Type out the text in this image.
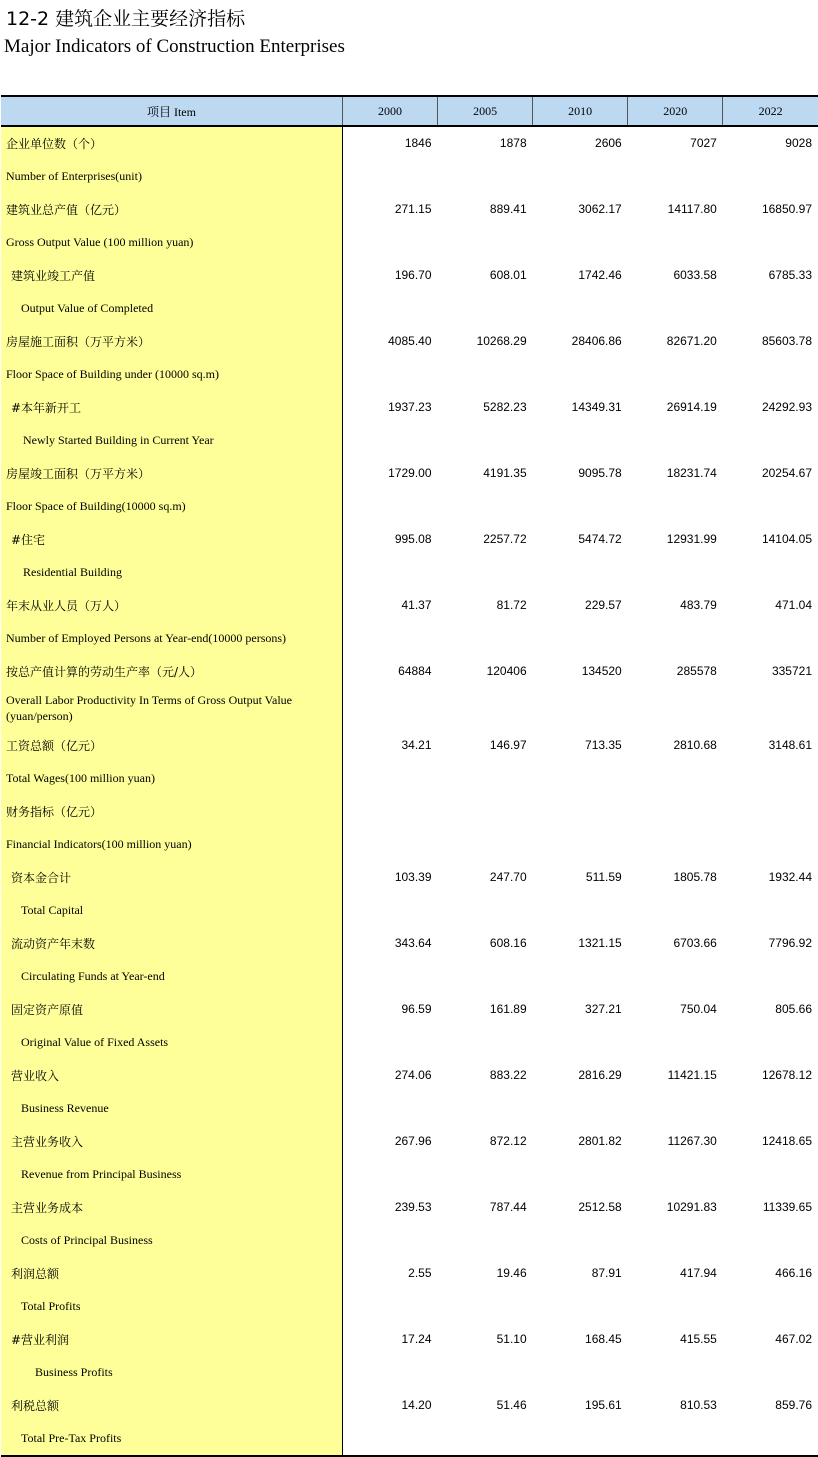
12-2 建筑企业主要经济指标
Major Indicators of Construction Enterprises
项目 Item	2000	2005	2010	2020	2022
企业单位数（个）	1846	1878	2606	7027	9028
Number of Enterprises(unit)					
建筑业总产值（亿元）	271.15	889.41	3062.17	14117.80	16850.97
Gross Output Value (100 million yuan)					
建筑业竣工产值	196.70	608.01	1742.46	6033.58	6785.33
Output Value of Completed					
房屋施工面积（万平方米）	4085.40	10268.29	28406.86	82671.20	85603.78
Floor Space of Building under (10000 sq.m)					
#本年新开工	1937.23	5282.23	14349.31	26914.19	24292.93
Newly Started Building in Current Year					
房屋竣工面积（万平方米）	1729.00	4191.35	9095.78	18231.74	20254.67
Floor Space of Building(10000 sq.m)					
#住宅	995.08	2257.72	5474.72	12931.99	14104.05
Residential Building					
年末从业人员（万人）	41.37	81.72	229.57	483.79	471.04
Number of Employed Persons at Year-end(10000 persons)					
按总产值计算的劳动生产率（元/人）	64884	120406	134520	285578	335721
Overall Labor Productivity In Terms of Gross Output Value (yuan/person)					
工资总额（亿元）	34.21	146.97	713.35	2810.68	3148.61
Total Wages(100 million yuan)					
财务指标（亿元）					
Financial Indicators(100 million yuan)					
资本金合计	103.39	247.70	511.59	1805.78	1932.44
Total Capital					
流动资产年末数	343.64	608.16	1321.15	6703.66	7796.92
Circulating Funds at Year-end					
固定资产原值	96.59	161.89	327.21	750.04	805.66
Original Value of Fixed Assets					
营业收入	274.06	883.22	2816.29	11421.15	12678.12
Business Revenue					
主营业务收入	267.96	872.12	2801.82	11267.30	12418.65
Revenue from Principal Business					
主营业务成本	239.53	787.44	2512.58	10291.83	11339.65
Costs of Principal Business					
利润总额	2.55	19.46	87.91	417.94	466.16
Total Profits					
#营业利润	17.24	51.10	168.45	415.55	467.02
Business Profits					
利税总额	14.20	51.46	195.61	810.53	859.76
Total Pre-Tax Profits					
